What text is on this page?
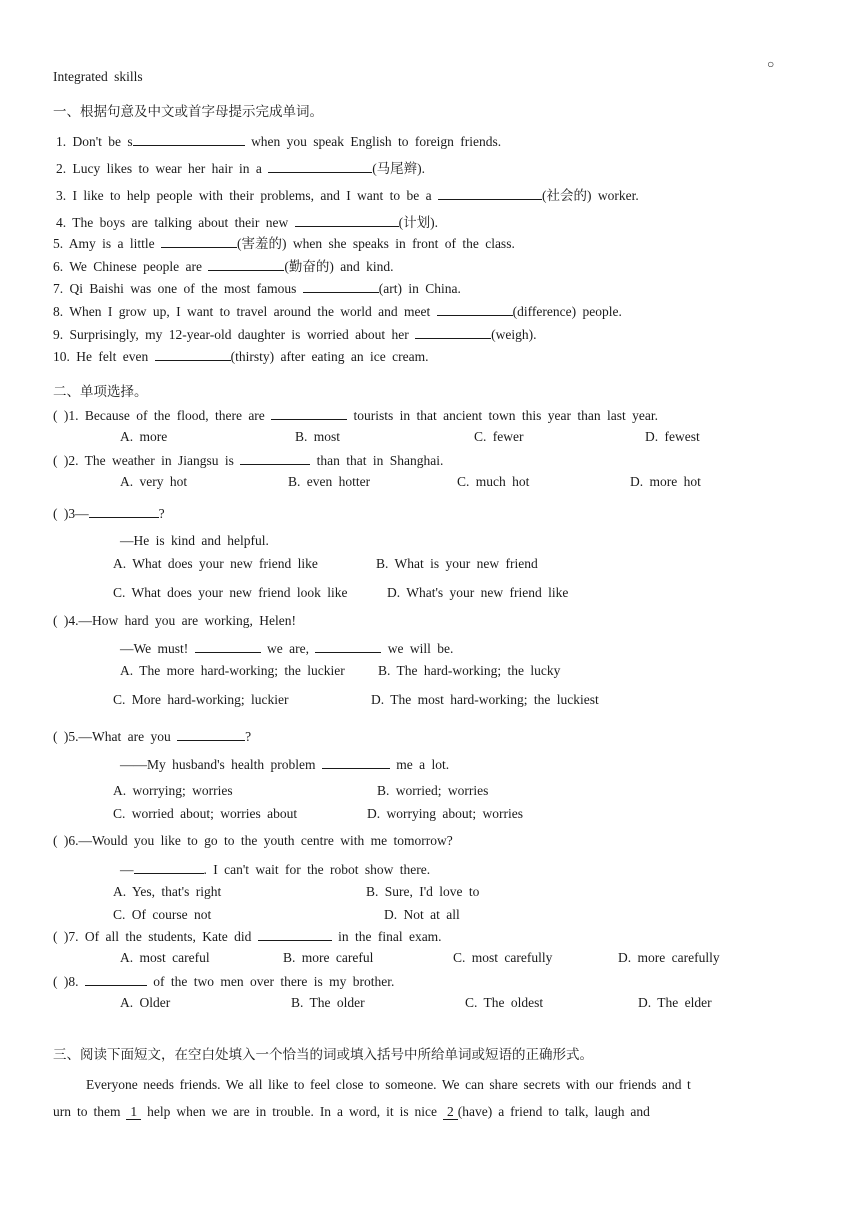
○
Integrated skills
一、根据句意及中文或首字母提示完成单词。
1. Don't be s	when you speak English to foreign friends.
2. Lucy likes to wear her hair in a	(马尾辫).
3. I like to help people with their problems, and I want to be a	(社会的) worker.
4. The boys are talking about their new	(计划).
5. Amy is a little	(害羞的) when she speaks in front of the class.
6. We Chinese people are	(勤奋的) and kind.
7. Qi Baishi was one of the most famous	(art) in China.
8. When I grow up, I want to travel around the world and meet	(difference) people.
9. Surprisingly, my 12-year-old daughter is worried about her	(weigh).
10. He felt even	(thirsty) after eating an ice cream.
二、单项选择。
( )1. Because of the flood, there are	tourists in that ancient town this year than last year.
A. more	B. most	C. fewer	D. fewest
( )2. The weather in Jiangsu is	than that in Shanghai.
A. very hot	B. even hotter	C. much hot	D. more hot
( )3—	?
—He is kind and helpful.
A. What does your new friend like	B. What is your new friend
C. What does your new friend look like	D. What's your new friend like
( )4.—How hard you are working, Helen!
—We must!	we are,	we will be.
A. The more hard-working; the luckier B. The hard-working; the lucky
C. More hard-working; luckier	D. The most hard-working; the luckiest
( )5.—What are you	?
——My husband's health problem	me a lot.
A. worrying; worries	B. worried; worries
C. worried about; worries about	D. worrying about; worries
( )6.—Would you like to go to the youth centre with me tomorrow?
—	. I can't wait for the robot show there.
A. Yes, that's right	B. Sure, I'd love to
C. Of course not	D. Not at all
( )7. Of all the students, Kate did	in the final exam.
A. most careful	B. more careful	C. most carefully	D. more carefully
( )8.	of the two men over there is my brother.
A. Older	B. The older	C. The oldest	D. The elder
三、阅读下面短文，在空白处填入一个恰当的词或填入括号中所给单词或短语的正确形式。
Everyone needs friends. We all like to feel close to someone. We can share secrets with our friends and t
urn to them 1 help when we are in trouble. In a word, it is nice 2 (have) a friend to talk, laugh and
